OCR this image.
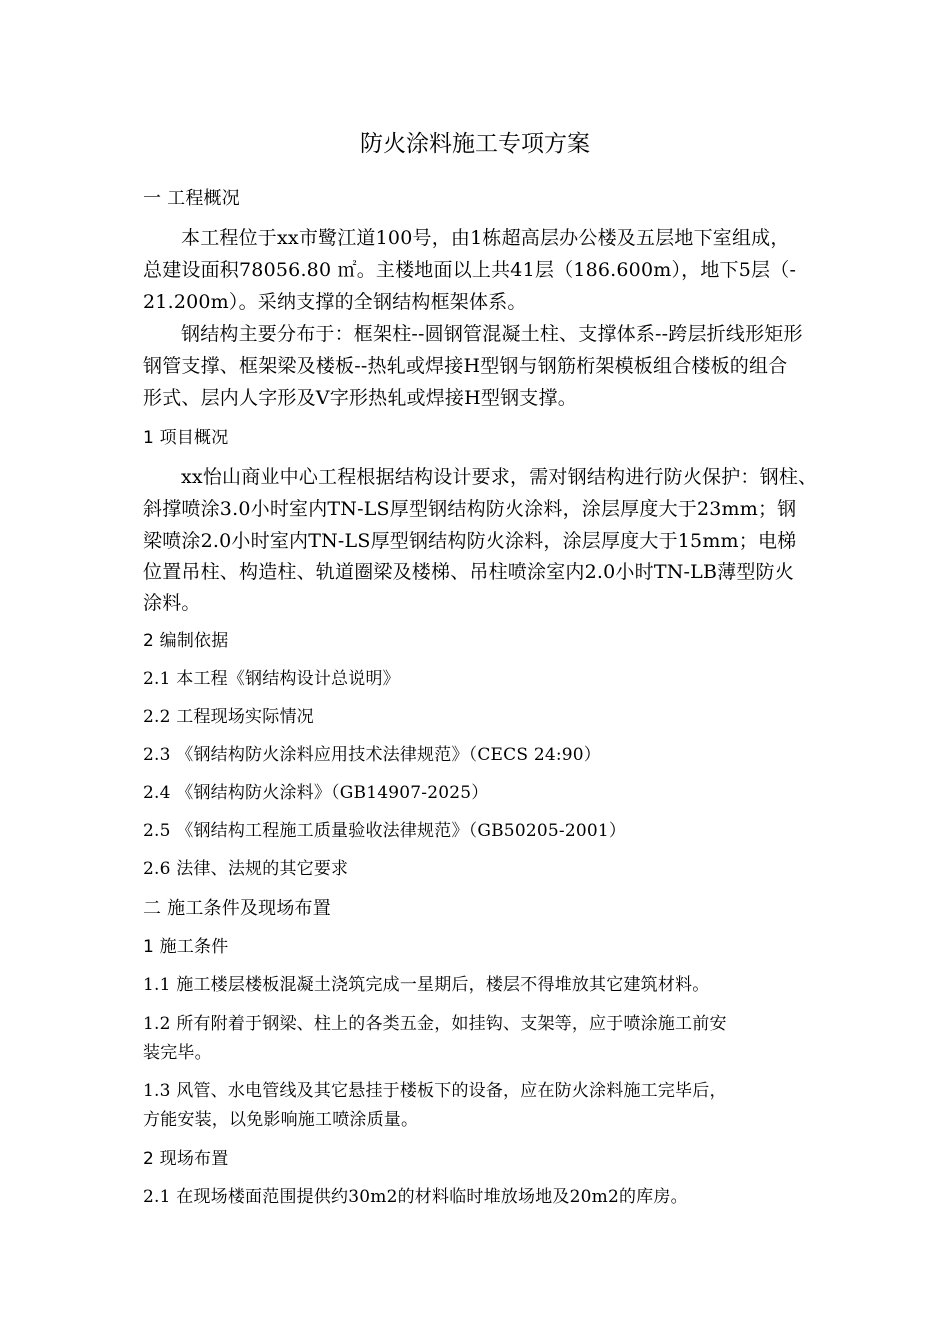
防火涂料施工专项方案
一 工程概况
本工程位于xx市鹭江道100号，由1栋超高层办公楼及五层地下室组成，
总建设面积78056.80 ㎡。主楼地面以上共41层（186.600m），地下5层（-
21.200m）。采纳支撑的全钢结构框架体系。
钢结构主要分布于：框架柱--圆钢管混凝土柱、支撑体系--跨层折线形矩形
钢管支撑、框架梁及楼板--热轧或焊接H型钢与钢筋桁架模板组合楼板的组合
形式、层内人字形及V字形热轧或焊接H型钢支撑。
1 项目概况
xx怡山商业中心工程根据结构设计要求，需对钢结构进行防火保护：钢柱、
斜撑喷涂3.0小时室内TN-LS厚型钢结构防火涂料，涂层厚度大于23mm；钢
梁喷涂2.0小时室内TN-LS厚型钢结构防火涂料，涂层厚度大于15mm；电梯
位置吊柱、构造柱、轨道圈梁及楼梯、吊柱喷涂室内2.0小时TN-LB薄型防火
涂料。
2 编制依据
2.1 本工程《钢结构设计总说明》
2.2 工程现场实际情况
2.3 《钢结构防火涂料应用技术法律规范》（CECS 24:90）
2.4 《钢结构防火涂料》（GB14907-2025）
2.5 《钢结构工程施工质量验收法律规范》（GB50205-2001）
2.6 法律、法规的其它要求
二 施工条件及现场布置
1 施工条件
1.1 施工楼层楼板混凝土浇筑完成一星期后，楼层不得堆放其它建筑材料。
1.2 所有附着于钢梁、柱上的各类五金，如挂钩、支架等，应于喷涂施工前安
装完毕。
1.3 风管、水电管线及其它悬挂于楼板下的设备，应在防火涂料施工完毕后，
方能安装，以免影响施工喷涂质量。
2 现场布置
2.1 在现场楼面范围提供约30m2的材料临时堆放场地及20m2的库房。
